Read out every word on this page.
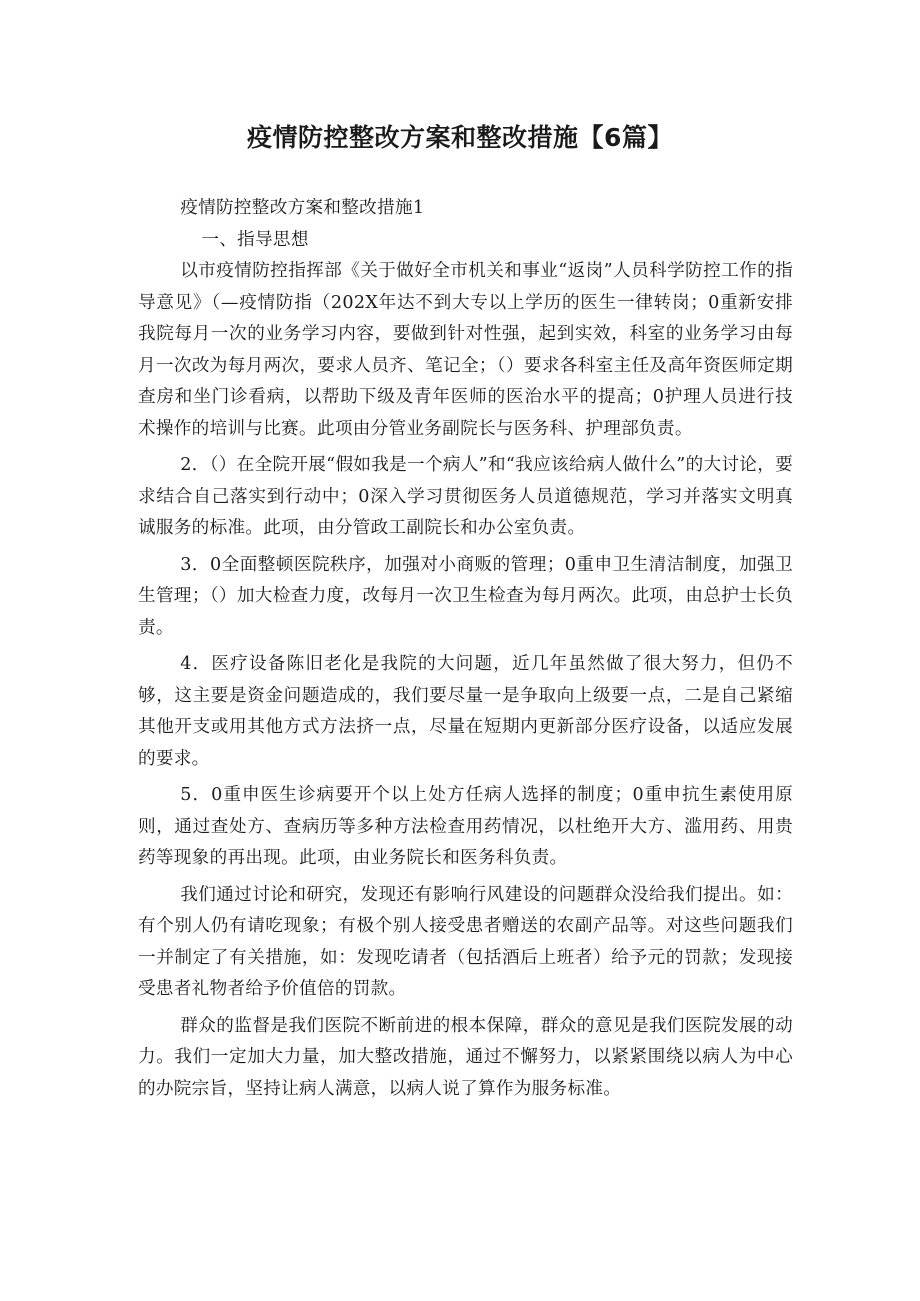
疫情防控整改方案和整改措施【6篇】

疫情防控整改方案和整改措施1

一、指导思想

以市疫情防控指挥部《关于做好全市机关和事业“返岗”人员科学防控工作的指导意见》（—疫情防指（202X年达不到大专以上学历的医生一律转岗；0重新安排我院每月一次的业务学习内容，要做到针对性强，起到实效，科室的业务学习由每月一次改为每月两次，要求人员齐、笔记全；（）要求各科室主任及高年资医师定期查房和坐门诊看病，以帮助下级及青年医师的医治水平的提高；0护理人员进行技术操作的培训与比赛。此项由分管业务副院长与医务科、护理部负责。

2．（）在全院开展“假如我是一个病人”和“我应该给病人做什么”的大讨论，要求结合自己落实到行动中；0深入学习贯彻医务人员道德规范，学习并落实文明真诚服务的标准。此项，由分管政工副院长和办公室负责。

3．0全面整顿医院秩序，加强对小商贩的管理；0重申卫生清洁制度，加强卫生管理；（）加大检查力度，改每月一次卫生检查为每月两次。此项，由总护士长负责。

4．医疗设备陈旧老化是我院的大问题，近几年虽然做了很大努力，但仍不够，这主要是资金问题造成的，我们要尽量一是争取向上级要一点，二是自己紧缩其他开支或用其他方式方法挤一点，尽量在短期内更新部分医疗设备，以适应发展的要求。

5．0重申医生诊病要开个以上处方任病人选择的制度；0重申抗生素使用原则，通过查处方、查病历等多种方法检查用药情况，以杜绝开大方、滥用药、用贵药等现象的再出现。此项，由业务院长和医务科负责。

我们通过讨论和研究，发现还有影响行风建设的问题群众没给我们提出。如：有个别人仍有请吃现象；有极个别人接受患者赠送的农副产品等。对这些问题我们一并制定了有关措施，如：发现吃请者（包括酒后上班者）给予元的罚款；发现接受患者礼物者给予价值倍的罚款。

群众的监督是我们医院不断前进的根本保障，群众的意见是我们医院发展的动力。我们一定加大力量，加大整改措施，通过不懈努力，以紧紧围绕以病人为中心的办院宗旨，坚持让病人满意，以病人说了算作为服务标准。
